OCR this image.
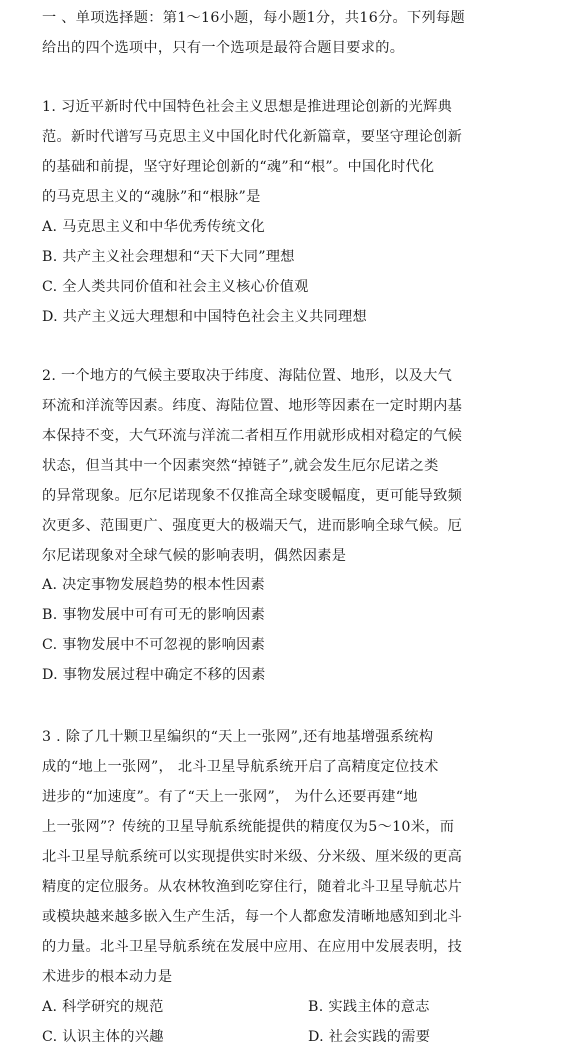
一 、单项选择题：第1～16小题，每小题1分，共16分。下列每题
给出的四个选项中，只有一个选项是最符合题目要求的。
1. 习近平新时代中国特色社会主义思想是推进理论创新的光辉典
范。新时代谱写马克思主义中国化时代化新篇章，要坚守理论创新
的基础和前提，坚守好理论创新的“魂”和“根”。中国化时代化
的马克思主义的“魂脉”和“根脉”是
A. 马克思主义和中华优秀传统文化
B. 共产主义社会理想和“天下大同”理想
C. 全人类共同价值和社会主义核心价值观
D. 共产主义远大理想和中国特色社会主义共同理想
2. 一个地方的气候主要取决于纬度、海陆位置、地形，以及大气
环流和洋流等因素。纬度、海陆位置、地形等因素在一定时期内基
本保持不变，大气环流与洋流二者相互作用就形成相对稳定的气候
状态，但当其中一个因素突然“掉链子”,就会发生厄尔尼诺之类
的异常现象。厄尔尼诺现象不仅推高全球变暖幅度，更可能导致频
次更多、范围更广、强度更大的极端天气，进而影响全球气候。厄
尔尼诺现象对全球气候的影响表明，偶然因素是
A. 决定事物发展趋势的根本性因素
B. 事物发展中可有可无的影响因素
C. 事物发展中不可忽视的影响因素
D. 事物发展过程中确定不移的因素
3 . 除了几十颗卫星编织的“天上一张网”,还有地基增强系统构
成的“地上一张网”， 北斗卫星导航系统开启了高精度定位技术
进步的“加速度”。有了“天上一张网”， 为什么还要再建“地
上一张网”？传统的卫星导航系统能提供的精度仅为5～10米，而
北斗卫星导航系统可以实现提供实时米级、分米级、厘米级的更高
精度的定位服务。从农林牧渔到吃穿住行，随着北斗卫星导航芯片
或模块越来越多嵌入生产生活，每一个人都愈发清晰地感知到北斗
的力量。北斗卫星导航系统在发展中应用、在应用中发展表明，技
术进步的根本动力是
A. 科学研究的规范	B. 实践主体的意志
C. 认识主体的兴趣	D. 社会实践的需要
